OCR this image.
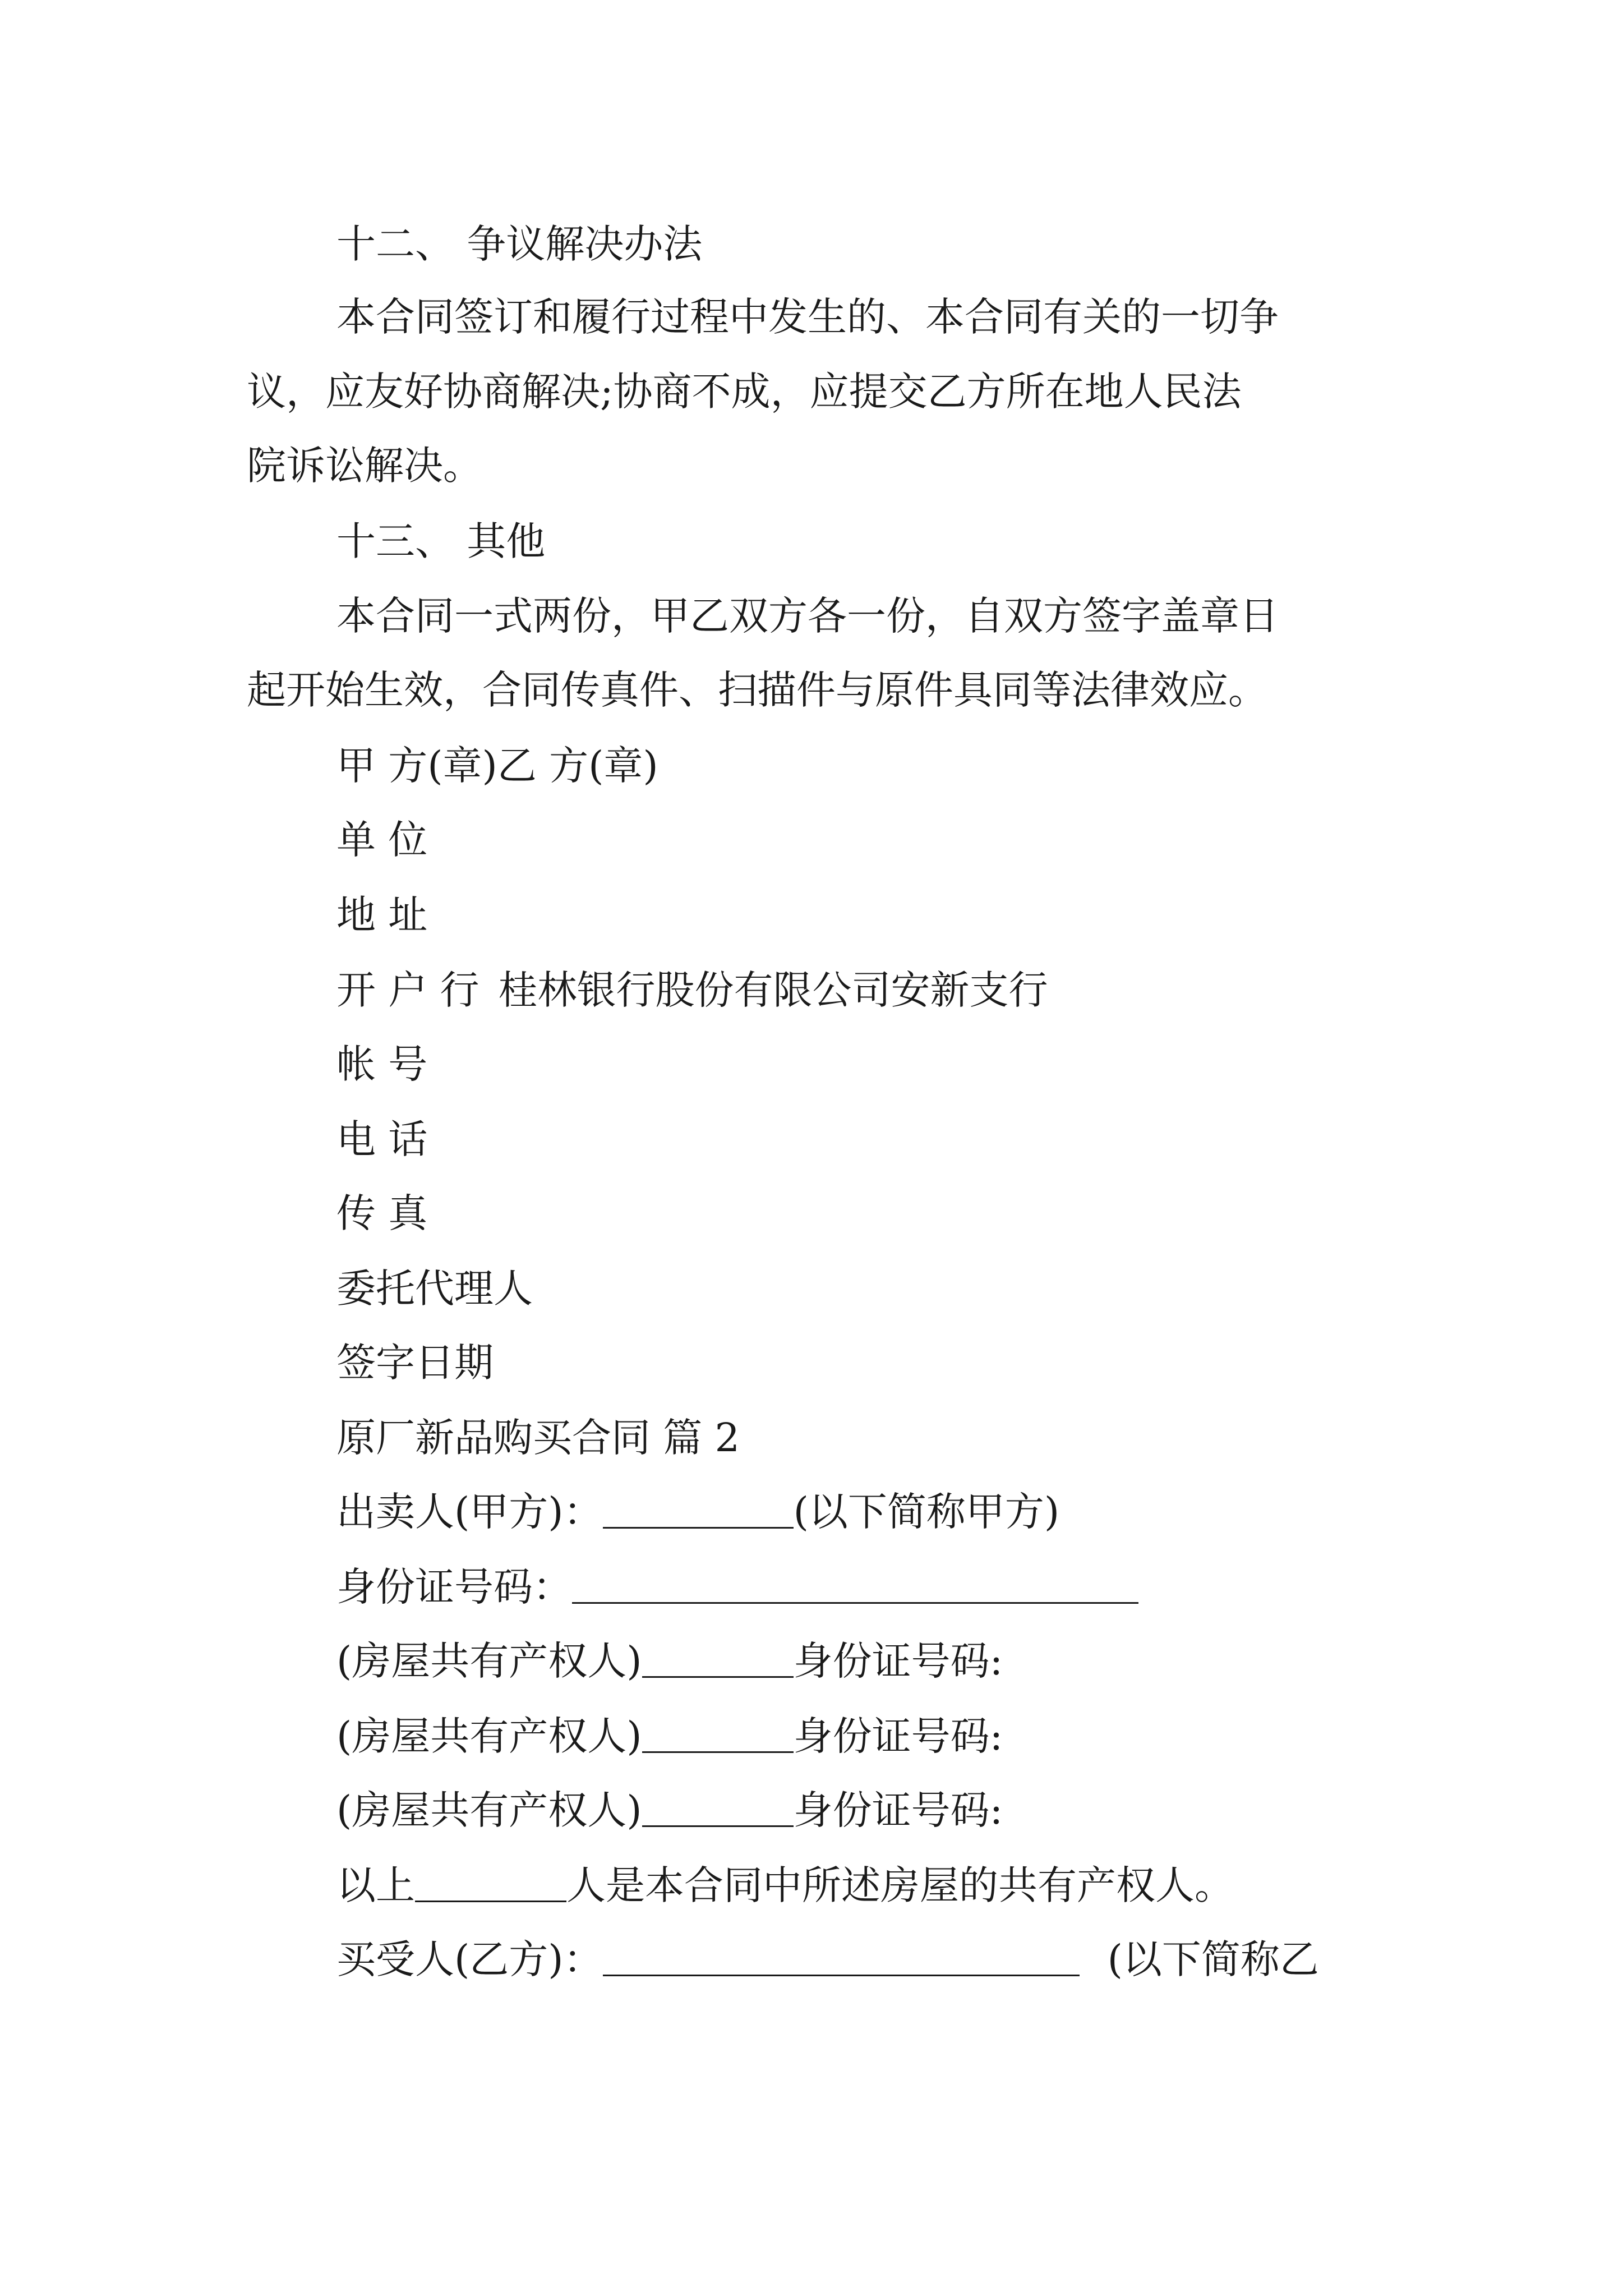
十二、 争议解决办法
本合同签订和履行过程中发生的、本合同有关的一切争
议，应友好协商解决;协商不成，应提交乙方所在地人民法
院诉讼解决。
十三、 其他
本合同一式两份，甲乙双方各一份，自双方签字盖章日
起开始生效，合同传真件、扫描件与原件具同等法律效应。
甲 方(章)乙 方(章)
单 位
地 址
开 户 行 桂林银行股份有限公司安新支行
帐 号
电 话
传 真
委托代理人
签字日期
原厂新品购买合同 篇 2
出卖人(甲方)：	(以下简称甲方)
身份证号码：
(房屋共有产权人)	身份证号码:
(房屋共有产权人)	身份证号码:
(房屋共有产权人)	身份证号码:
以上	人是本合同中所述房屋的共有产权人。
买受人(乙方)：	(以下简称乙
